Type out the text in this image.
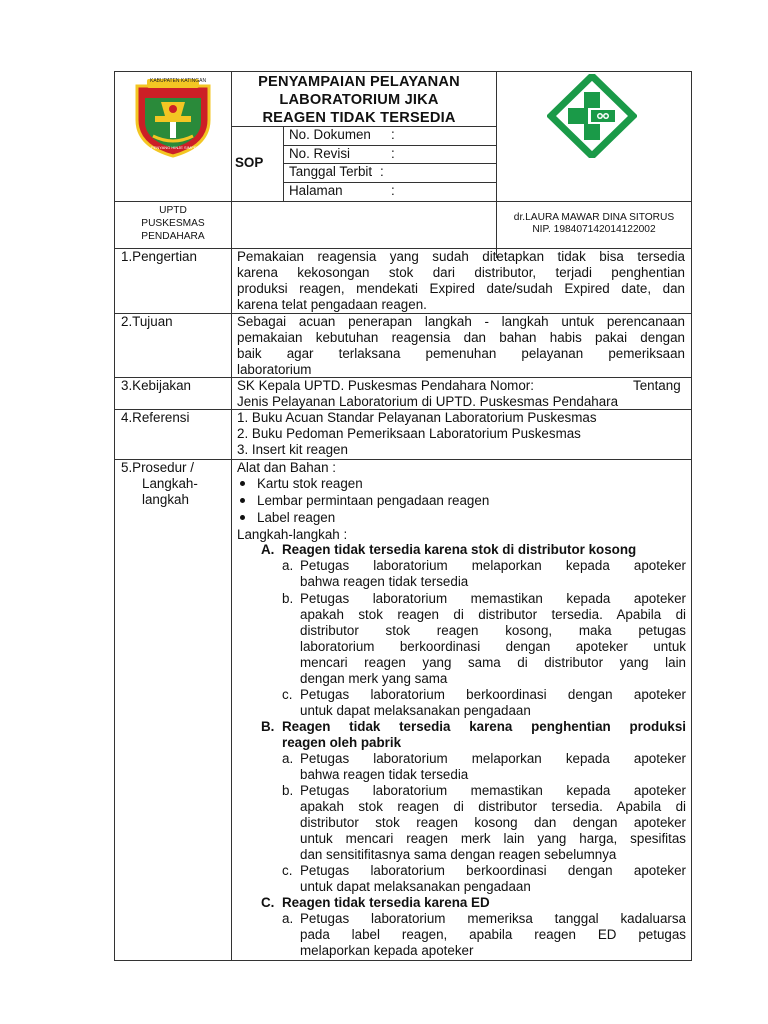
KABUPATEN KATINGAN
PENYANG HINJE SIMPEI
PENYAMPAIAN PELAYANAN
LABORATORIUM JIKA
REAGEN TIDAK TERSEDIA
SOP
No. Dokumen :
No. Revisi	:
Tanggal Terbit :
Halaman	:
UPTD
PUSKESMAS
PENDAHARA
dr.LAURA MAWAR DINA SITORUS
NIP. 198407142014122002
1.Pengertian	Pemakaian reagensia yang sudah ditetapkan tidak bisa tersedia
karena kekosongan stok dari distributor, terjadi penghentian
produksi reagen, mendekati Expired date/sudah Expired date, dan
karena telat pengadaan reagen.
2.Tujuan	Sebagai acuan penerapan langkah - langkah untuk perencanaan
pemakaian kebutuhan reagensia dan bahan habis pakai dengan
baik agar terlaksana pemenuhan pelayanan pemeriksaan
laboratorium
3.Kebijakan	SK Kepala UPTD. Puskesmas Pendahara Nomor:	Tentang
Jenis Pelayanan Laboratorium di UPTD. Puskesmas Pendahara
4.Referensi	1. Buku Acuan Standar Pelayanan Laboratorium Puskesmas
2. Buku Pedoman Pemeriksaan Laboratorium Puskesmas
3. Insert kit reagen
5.Prosedur /
Langkah-
langkah
Alat dan Bahan :
Kartu stok reagen
Lembar permintaan pengadaan reagen
Label reagen
Langkah-langkah :
A. Reagen tidak tersedia karena stok di distributor kosong
a. Petugas laboratorium melaporkan kepada apoteker
bahwa reagen tidak tersedia
b. Petugas laboratorium memastikan kepada apoteker
apakah stok reagen di distributor tersedia. Apabila di
distributor stok reagen kosong, maka petugas
laboratorium berkoordinasi dengan apoteker untuk
mencari reagen yang sama di distributor yang lain
dengan merk yang sama
c. Petugas laboratorium berkoordinasi dengan apoteker
untuk dapat melaksanakan pengadaan
B. Reagen tidak tersedia karena penghentian produksi
reagen oleh pabrik
a. Petugas laboratorium melaporkan kepada apoteker
bahwa reagen tidak tersedia
b. Petugas laboratorium memastikan kepada apoteker
apakah stok reagen di distributor tersedia. Apabila di
distributor stok reagen kosong dan dengan apoteker
untuk mencari reagen merk lain yang harga, spesifitas
dan sensitifitasnya sama dengan reagen sebelumnya
c. Petugas laboratorium berkoordinasi dengan apoteker
untuk dapat melaksanakan pengadaan
C. Reagen tidak tersedia karena ED
a. Petugas laboratorium memeriksa tanggal kadaluarsa
pada label reagen, apabila reagen ED petugas
melaporkan kepada apoteker
